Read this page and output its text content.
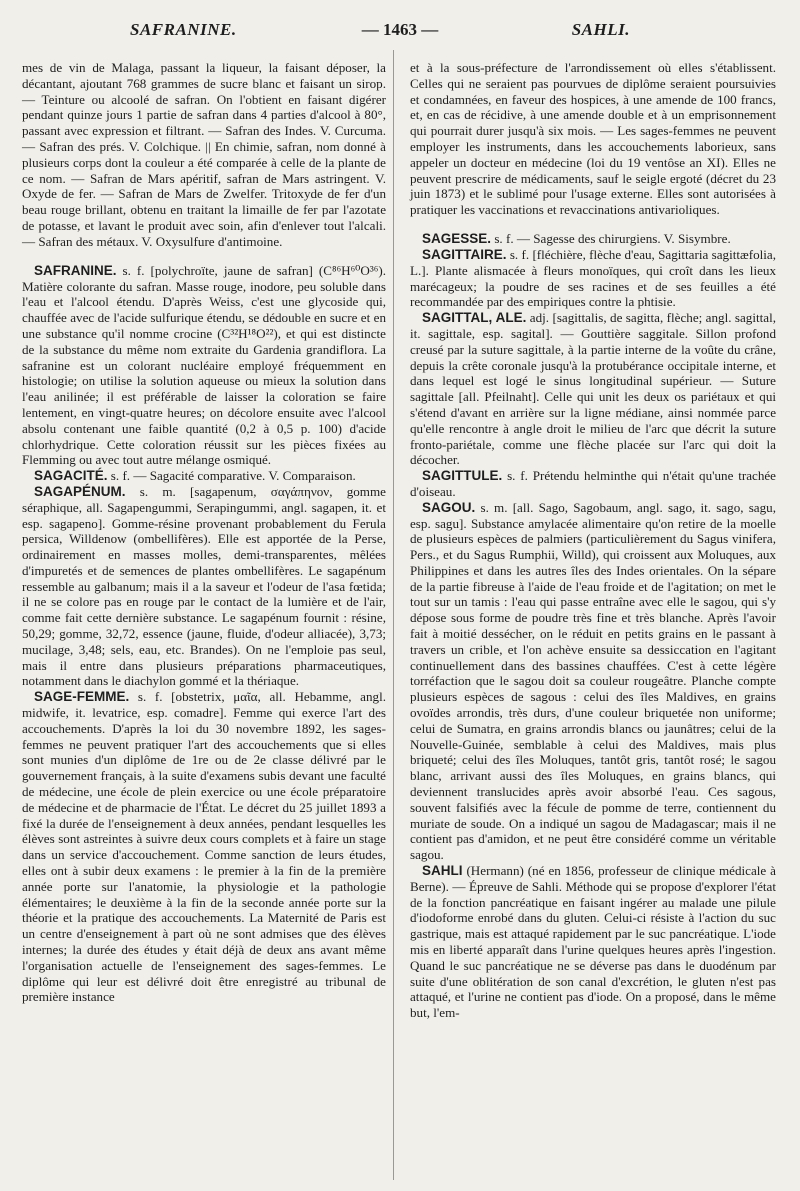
SAFRANINE.	— 1463 —	SAHLI.

mes de vin de Malaga, passant la liqueur, la faisant déposer, la décantant, ajoutant 768 grammes de sucre blanc et faisant un sirop. — Teinture ou alcoolé de safran. On l'obtient en faisant digérer pendant quinze jours 1 partie de safran dans 4 parties d'alcool à 80°, passant avec expression et filtrant. — Safran des Indes. V. Curcuma. — Safran des prés. V. Colchique. || En chimie, safran, nom donné à plusieurs corps dont la couleur a été comparée à celle de la plante de ce nom. — Safran de Mars apéritif, safran de Mars astringent. V. Oxyde de fer. — Safran de Mars de Zwelfer. Tritoxyde de fer d'un beau rouge brillant, obtenu en traitant la limaille de fer par l'azotate de potasse, et lavant le produit avec soin, afin d'enlever tout l'alcali. — Safran des métaux. V. Oxysulfure d'antimoine.

SAFRANINE. s. f. [polychroïte, jaune de safran] (C⁸⁶H⁶⁰O³⁶). Matière colorante du safran. Masse rouge, inodore, peu soluble dans l'eau et l'alcool étendu. D'après Weiss, c'est une glycoside qui, chauffée avec de l'acide sulfurique étendu, se dédouble en sucre et en une substance qu'il nomme crocine (C³²H¹⁸O²²), et qui est distincte de la substance du même nom extraite du Gardenia grandiflora. La safranine est un colorant nucléaire employé fréquemment en histologie; on utilise la solution aqueuse ou mieux la solution dans l'eau anilinée; il est préférable de laisser la coloration se faire lentement, en vingt-quatre heures; on décolore ensuite avec l'alcool absolu contenant une faible quantité (0,2 à 0,5 p. 100) d'acide chlorhydrique. Cette coloration réussit sur les pièces fixées au Flemming ou avec tout autre mélange osmiqué.

SAGACITÉ. s. f. — Sagacité comparative. V. Comparaison.

SAGAPÉNUM. s. m. [sagapenum, σαγάπηνον, gomme séraphique, all. Sagapengummi, Serapingummi, angl. sagapen, it. et esp. sagapeno]. Gomme-résine provenant probablement du Ferula persica, Willdenow (ombellifères). Elle est apportée de la Perse, ordinairement en masses molles, demi-transparentes, mêlées d'impuretés et de semences de plantes ombellifères. Le sagapénum ressemble au galbanum; mais il a la saveur et l'odeur de l'asa fœtida; il ne se colore pas en rouge par le contact de la lumière et de l'air, comme fait cette dernière substance. Le sagapénum fournit : résine, 50,29; gomme, 32,72, essence (jaune, fluide, d'odeur alliacée), 3,73; mucilage, 3,48; sels, eau, etc. Brandes). On ne l'emploie pas seul, mais il entre dans plusieurs préparations pharmaceutiques, notamment dans le diachylon gommé et la thériaque.

SAGE-FEMME. s. f. [obstetrix, μαῖα, all. Hebamme, angl. midwife, it. levatrice, esp. comadre]. Femme qui exerce l'art des accouchements. D'après la loi du 30 novembre 1892, les sages-femmes ne peuvent pratiquer l'art des accouchements que si elles sont munies d'un diplôme de 1re ou de 2e classe délivré par le gouvernement français, à la suite d'examens subis devant une faculté de médecine, une école de plein exercice ou une école préparatoire de médecine et de pharmacie de l'État. Le décret du 25 juillet 1893 a fixé la durée de l'enseignement à deux années, pendant lesquelles les élèves sont astreintes à suivre deux cours complets et à faire un stage dans un service d'accouchement. Comme sanction de leurs études, elles ont à subir deux examens : le premier à la fin de la première année porte sur l'anatomie, la physiologie et la pathologie élémentaires; le deuxième à la fin de la seconde année porte sur la théorie et la pratique des accouchements. La Maternité de Paris est un centre d'enseignement à part où ne sont admises que des élèves internes; la durée des études y était déjà de deux ans avant même l'organisation actuelle de l'enseignement des sages-femmes. Le diplôme qui leur est délivré doit être enregistré au tribunal de première instance

et à la sous-préfecture de l'arrondissement où elles s'établissent. Celles qui ne seraient pas pourvues de diplôme seraient poursuivies et condamnées, en faveur des hospices, à une amende de 100 francs, et, en cas de récidive, à une amende double et à un emprisonnement qui pourrait durer jusqu'à six mois. — Les sages-femmes ne peuvent employer les instruments, dans les accouchements laborieux, sans appeler un docteur en médecine (loi du 19 ventôse an XI). Elles ne peuvent prescrire de médicaments, sauf le seigle ergoté (décret du 23 juin 1873) et le sublimé pour l'usage externe. Elles sont autorisées à pratiquer les vaccinations et revaccinations antivarioliques.

SAGESSE. s. f. — Sagesse des chirurgiens. V. Sisymbre.

SAGITTAIRE. s. f. [fléchière, flèche d'eau, Sagittaria sagittæfolia, L.]. Plante alismacée à fleurs monoïques, qui croît dans les lieux marécageux; la poudre de ses racines et de ses feuilles a été recommandée par des empiriques contre la phtisie.

SAGITTAL, ALE. adj. [sagittalis, de sagitta, flèche; angl. sagittal, it. sagittale, esp. sagital]. — Gouttière saggitale. Sillon profond creusé par la suture sagittale, à la partie interne de la voûte du crâne, depuis la crête coronale jusqu'à la protubérance occipitale interne, et dans lequel est logé le sinus longitudinal supérieur. — Suture sagittale [all. Pfeilnaht]. Celle qui unit les deux os pariétaux et qui s'étend d'avant en arrière sur la ligne médiane, ainsi nommée parce qu'elle rencontre à angle droit le milieu de l'arc que décrit la suture fronto-pariétale, comme une flèche placée sur l'arc qui doit la décocher.

SAGITTULE. s. f. Prétendu helminthe qui n'était qu'une trachée d'oiseau.

SAGOU. s. m. [all. Sago, Sagobaum, angl. sago, it. sago, sagu, esp. sagu]. Substance amylacée alimentaire qu'on retire de la moelle de plusieurs espèces de palmiers (particulièrement du Sagus vinifera, Pers., et du Sagus Rumphii, Willd), qui croissent aux Moluques, aux Philippines et dans les autres îles des Indes orientales. On la sépare de la partie fibreuse à l'aide de l'eau froide et de l'agitation; on met le tout sur un tamis : l'eau qui passe entraîne avec elle le sagou, qui s'y dépose sous forme de poudre très fine et très blanche. Après l'avoir fait à moitié dessécher, on le réduit en petits grains en le passant à travers un crible, et l'on achève ensuite sa dessiccation en l'agitant continuellement dans des bassines chauffées. C'est à cette légère torréfaction que le sagou doit sa couleur rougeâtre. Planche compte plusieurs espèces de sagous : celui des îles Maldives, en grains ovoïdes arrondis, très durs, d'une couleur briquetée non uniforme; celui de Sumatra, en grains arrondis blancs ou jaunâtres; celui de la Nouvelle-Guinée, semblable à celui des Maldives, mais plus briqueté; celui des îles Moluques, tantôt gris, tantôt rosé; le sagou blanc, arrivant aussi des îles Moluques, en grains blancs, qui deviennent translucides après avoir absorbé l'eau. Ces sagous, souvent falsifiés avec la fécule de pomme de terre, contiennent du muriate de soude. On a indiqué un sagou de Madagascar; mais il ne contient pas d'amidon, et ne peut être considéré comme un véritable sagou.

SAHLI (Hermann) (né en 1856, professeur de clinique médicale à Berne). — Épreuve de Sahli. Méthode qui se propose d'explorer l'état de la fonction pancréatique en faisant ingérer au malade une pilule d'iodoforme enrobé dans du gluten. Celui-ci résiste à l'action du suc gastrique, mais est attaqué rapidement par le suc pancréatique. L'iode mis en liberté apparaît dans l'urine quelques heures après l'ingestion. Quand le suc pancréatique ne se déverse pas dans le duodénum par suite d'une oblitération de son canal d'excrétion, le gluten n'est pas attaqué, et l'urine ne contient pas d'iode. On a proposé, dans le même but, l'em-
